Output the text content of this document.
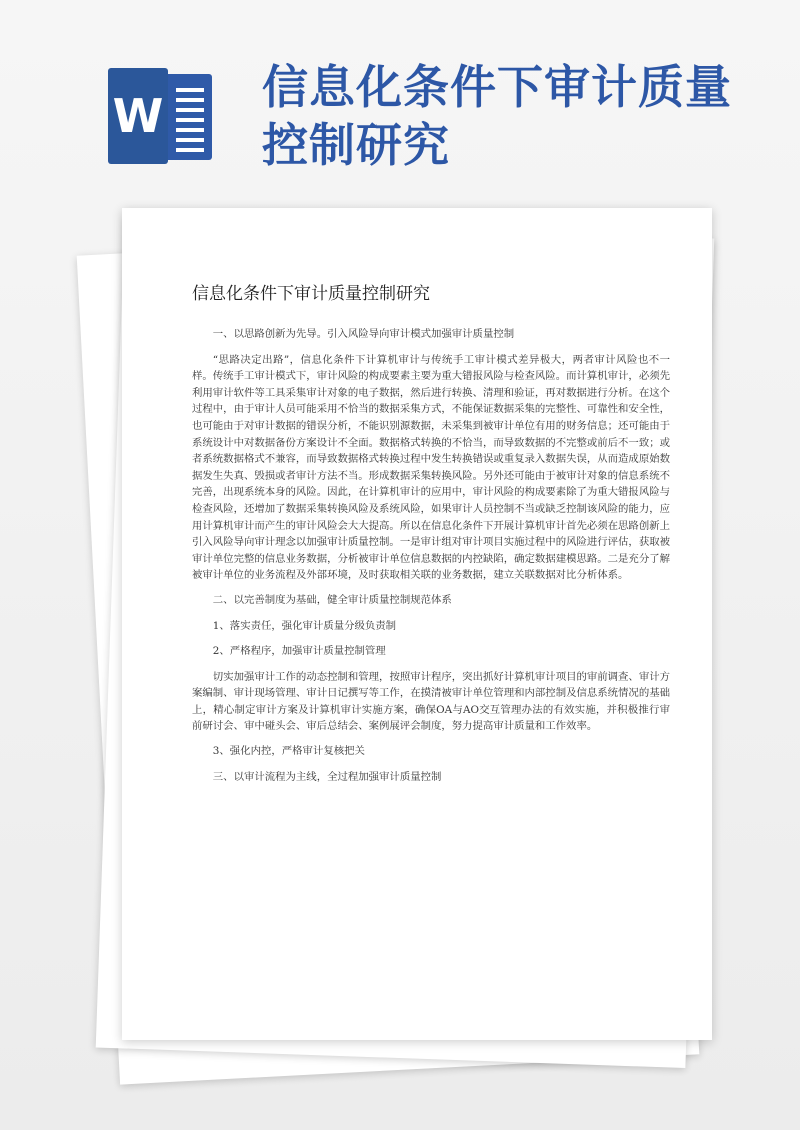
W
信息化条件下审计质量控制研究
信息化条件下审计质量控制研究

一、以思路创新为先导。引入风险导向审计模式加强审计质量控制

“思路决定出路”，信息化条件下计算机审计与传统手工审计模式差异极大，两者审计风险也不一样。传统手工审计模式下，审计风险的构成要素主要为重大错报风险与检查风险。而计算机审计，必须先利用审计软件等工具采集审计对象的电子数据，然后进行转换、清理和验证，再对数据进行分析。在这个过程中，由于审计人员可能采用不恰当的数据采集方式，不能保证数据采集的完整性、可靠性和安全性，也可能由于对审计数据的错误分析，不能识别源数据，未采集到被审计单位有用的财务信息；还可能由于系统设计中对数据备份方案设计不全面。数据格式转换的不恰当，而导致数据的不完整或前后不一致；或者系统数据格式不兼容，而导致数据格式转换过程中发生转换错误或重复录入数据失误，从而造成原始数据发生失真、毁损或者审计方法不当。形成数据采集转换风险。另外还可能由于被审计对象的信息系统不完善，出现系统本身的风险。因此，在计算机审计的应用中，审计风险的构成要素除了为重大错报风险与检查风险，还增加了数据采集转换风险及系统风险，如果审计人员控制不当或缺乏控制该风险的能力，应用计算机审计而产生的审计风险会大大提高。所以在信息化条件下开展计算机审计首先必须在思路创新上引入风险导向审计理念以加强审计质量控制。一是审计组对审计项目实施过程中的风险进行评估，获取被审计单位完整的信息业务数据，分析被审计单位信息数据的内控缺陷，确定数据建模思路。二是充分了解被审计单位的业务流程及外部环境，及时获取相关联的业务数据，建立关联数据对比分析体系。

二、以完善制度为基础，健全审计质量控制规范体系

1、落实责任，强化审计质量分级负责制

2、严格程序，加强审计质量控制管理

切实加强审计工作的动态控制和管理，按照审计程序，突出抓好计算机审计项目的审前调查、审计方案编制、审计现场管理、审计日记撰写等工作，在摸清被审计单位管理和内部控制及信息系统情况的基础上，精心制定审计方案及计算机审计实施方案，确保OA与AO交互管理办法的有效实施，并积极推行审前研讨会、审中碰头会、审后总结会、案例展评会制度，努力提高审计质量和工作效率。

3、强化内控，严格审计复核把关

三、以审计流程为主线，全过程加强审计质量控制
